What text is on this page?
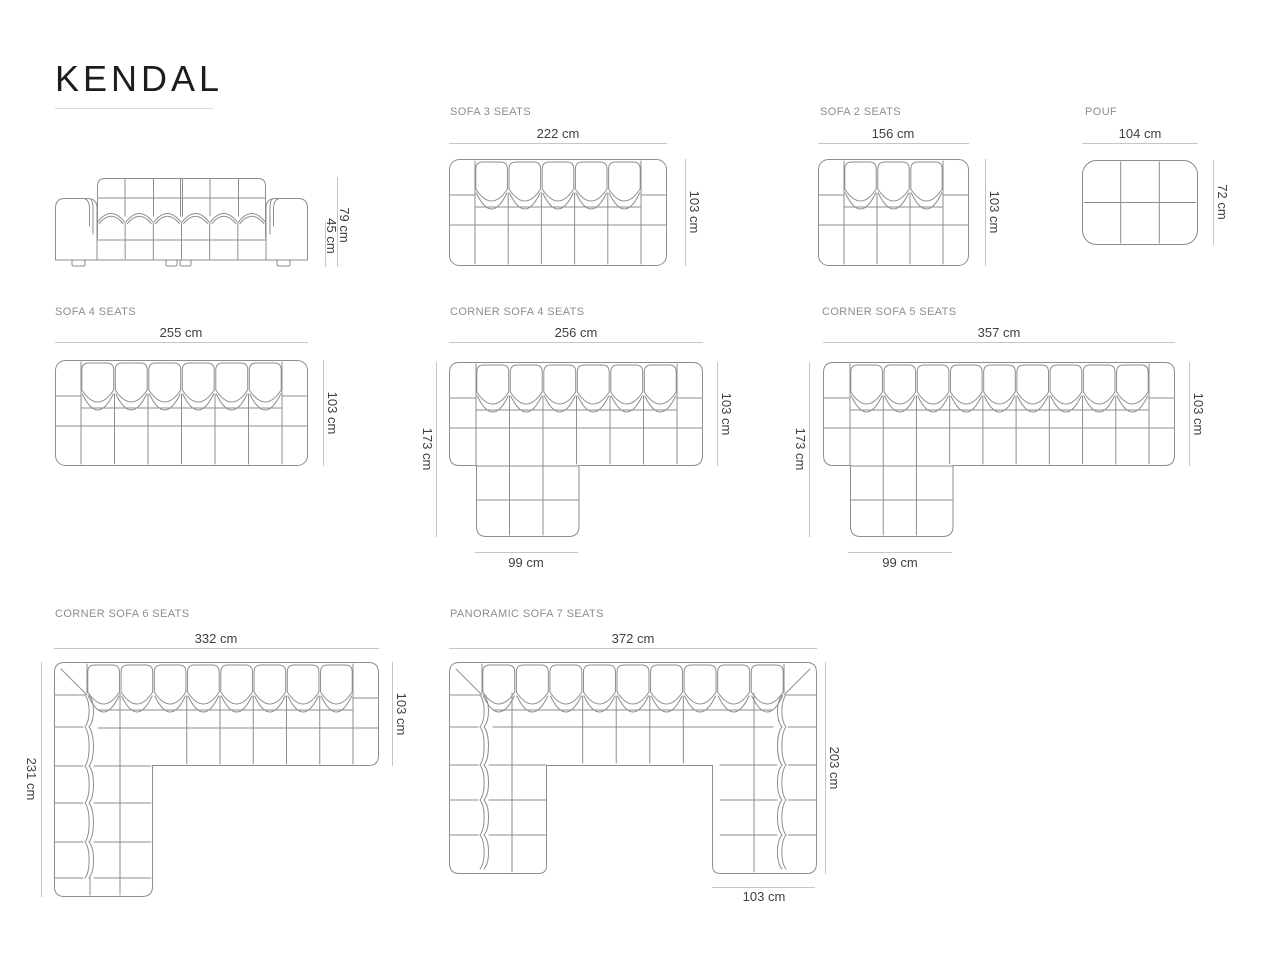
KENDAL
79 cm
45 cm
SOFA 3 SEATS
222 cm
103 cm
SOFA 2 SEATS
156 cm
103 cm
POUF
104 cm
72 cm
SOFA 4 SEATS
255 cm
103 cm
CORNER SOFA 4 SEATS
256 cm
173 cm
103 cm
99 cm
CORNER SOFA 5 SEATS
357 cm
173 cm
103 cm
99 cm
CORNER SOFA 6 SEATS
332 cm
231 cm
103 cm
PANORAMIC SOFA 7 SEATS
372 cm
203 cm
103 cm
